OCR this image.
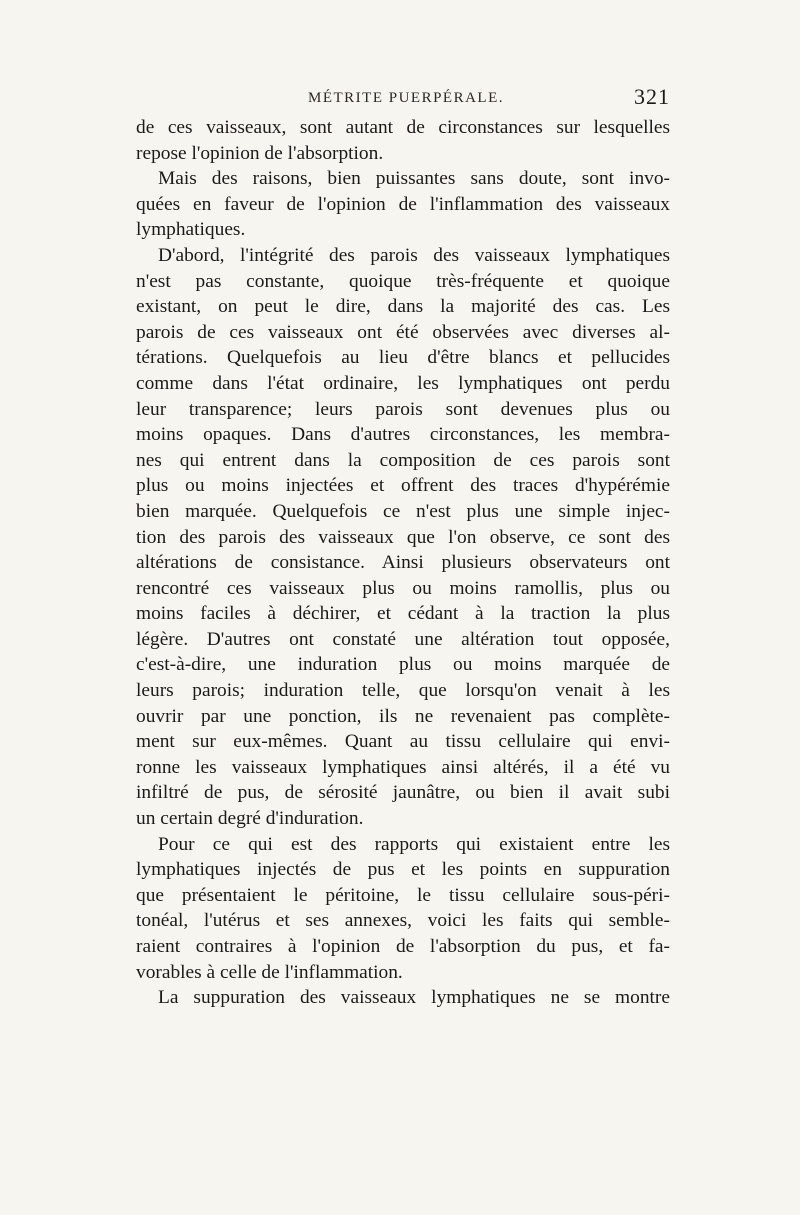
MÉTRITE PUERPÉRALE.	321
de ces vaisseaux, sont autant de circonstances sur lesquelles
repose l'opinion de l'absorption.
Mais des raisons, bien puissantes sans doute, sont invo-
quées en faveur de l'opinion de l'inflammation des vaisseaux
lymphatiques.
D'abord, l'intégrité des parois des vaisseaux lymphatiques
n'est pas constante, quoique très-fréquente et quoique
existant, on peut le dire, dans la majorité des cas. Les
parois de ces vaisseaux ont été observées avec diverses al-
térations. Quelquefois au lieu d'être blancs et pellucides
comme dans l'état ordinaire, les lymphatiques ont perdu
leur transparence; leurs parois sont devenues plus ou
moins opaques. Dans d'autres circonstances, les membra-
nes qui entrent dans la composition de ces parois sont
plus ou moins injectées et offrent des traces d'hypérémie
bien marquée. Quelquefois ce n'est plus une simple injec-
tion des parois des vaisseaux que l'on observe, ce sont des
altérations de consistance. Ainsi plusieurs observateurs ont
rencontré ces vaisseaux plus ou moins ramollis, plus ou
moins faciles à déchirer, et cédant à la traction la plus
légère. D'autres ont constaté une altération tout opposée,
c'est-à-dire, une induration plus ou moins marquée de
leurs parois; induration telle, que lorsqu'on venait à les
ouvrir par une ponction, ils ne revenaient pas complète-
ment sur eux-mêmes. Quant au tissu cellulaire qui envi-
ronne les vaisseaux lymphatiques ainsi altérés, il a été vu
infiltré de pus, de sérosité jaunâtre, ou bien il avait subi
un certain degré d'induration.
Pour ce qui est des rapports qui existaient entre les
lymphatiques injectés de pus et les points en suppuration
que présentaient le péritoine, le tissu cellulaire sous-péri-
tonéal, l'utérus et ses annexes, voici les faits qui semble-
raient contraires à l'opinion de l'absorption du pus, et fa-
vorables à celle de l'inflammation.
La suppuration des vaisseaux lymphatiques ne se montre
